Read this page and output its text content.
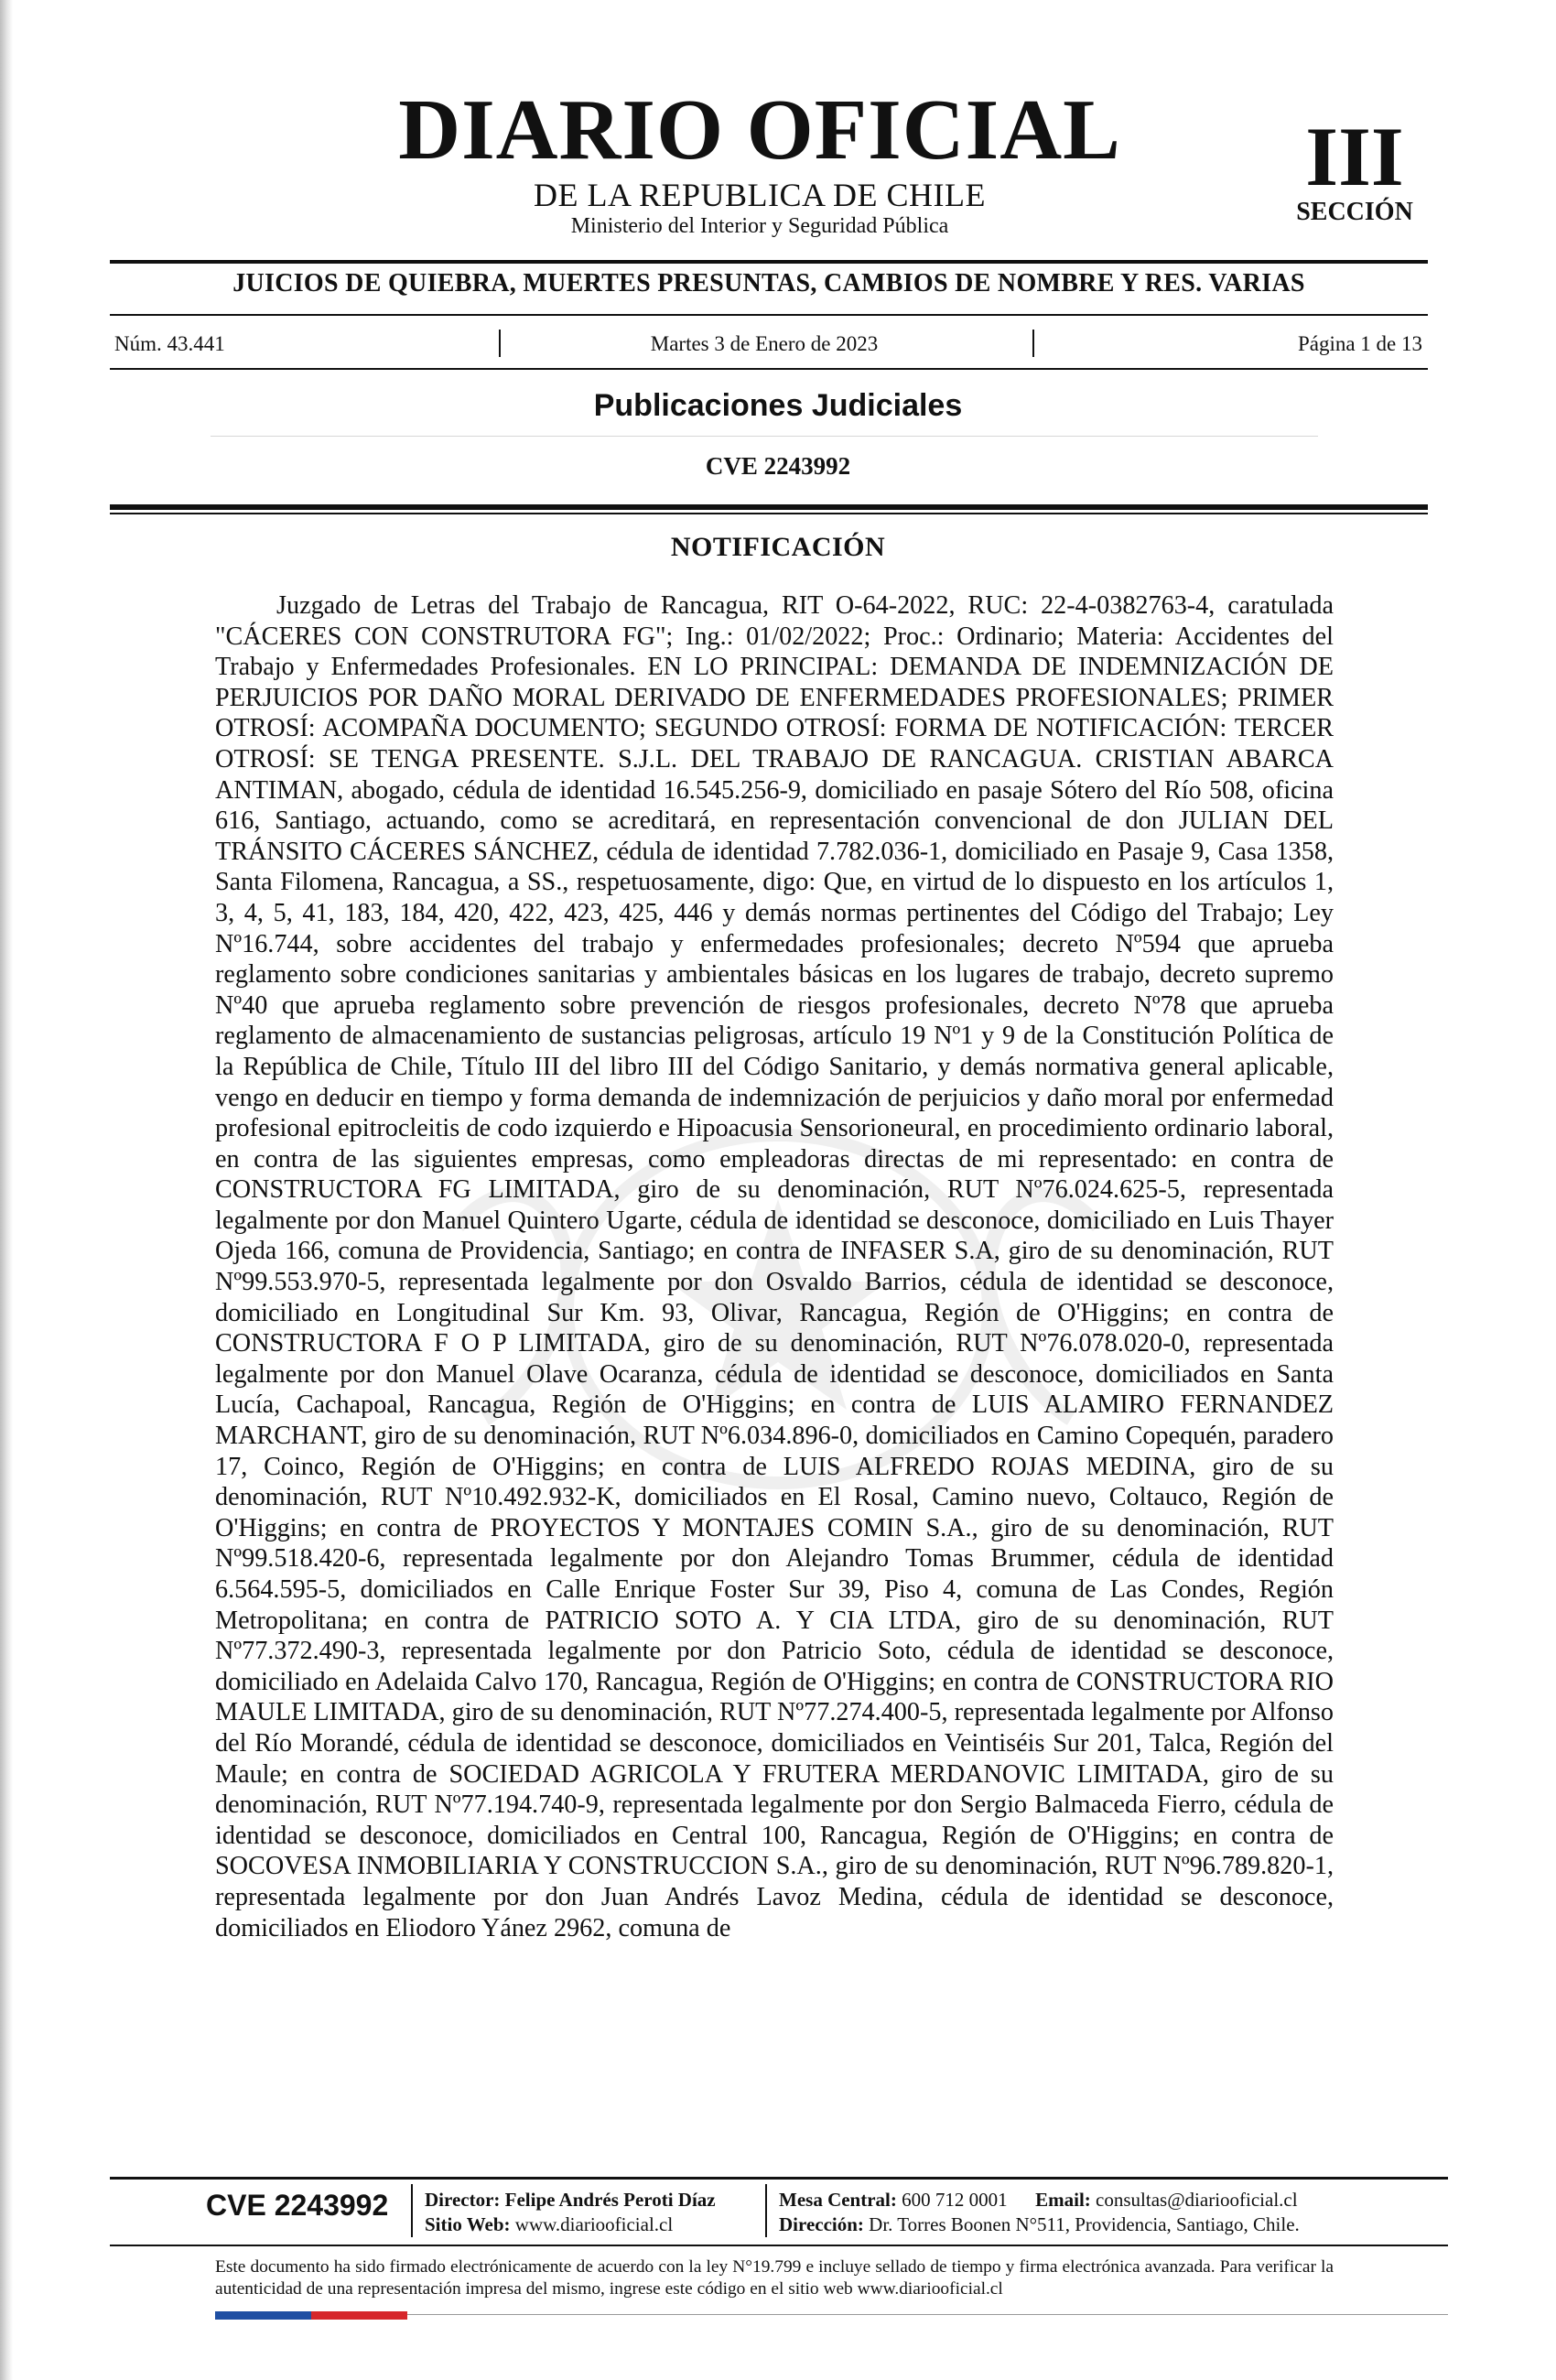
DIARIO OFICIAL
DE LA REPUBLICA DE CHILE
Ministerio del Interior y Seguridad Pública
III
SECCIÓN
JUICIOS DE QUIEBRA, MUERTES PRESUNTAS, CAMBIOS DE NOMBRE Y RES. VARIAS
Núm. 43.441	Martes 3 de Enero de 2023	Página 1 de 13
Publicaciones Judiciales
CVE 2243992
NOTIFICACIÓN
Juzgado de Letras del Trabajo de Rancagua, RIT O-64-2022, RUC: 22-4-0382763-4, caratulada "CÁCERES CON CONSTRUTORA FG"; Ing.: 01/02/2022; Proc.: Ordinario; Materia: Accidentes del Trabajo y Enfermedades Profesionales. EN LO PRINCIPAL: DEMANDA DE INDEMNIZACIÓN DE PERJUICIOS POR DAÑO MORAL DERIVADO DE ENFERMEDADES PROFESIONALES; PRIMER OTROSÍ: ACOMPAÑA DOCUMENTO; SEGUNDO OTROSÍ: FORMA DE NOTIFICACIÓN: TERCER OTROSÍ: SE TENGA PRESENTE. S.J.L. DEL TRABAJO DE RANCAGUA. CRISTIAN ABARCA ANTIMAN, abogado, cédula de identidad 16.545.256-9, domiciliado en pasaje Sótero del Río 508, oficina 616, Santiago, actuando, como se acreditará, en representación convencional de don JULIAN DEL TRÁNSITO CÁCERES SÁNCHEZ, cédula de identidad 7.782.036-1, domiciliado en Pasaje 9, Casa 1358, Santa Filomena, Rancagua, a SS., respetuosamente, digo: Que, en virtud de lo dispuesto en los artículos 1, 3, 4, 5, 41, 183, 184, 420, 422, 423, 425, 446 y demás normas pertinentes del Código del Trabajo; Ley Nº16.744, sobre accidentes del trabajo y enfermedades profesionales; decreto Nº594 que aprueba reglamento sobre condiciones sanitarias y ambientales básicas en los lugares de trabajo, decreto supremo Nº40 que aprueba reglamento sobre prevención de riesgos profesionales, decreto Nº78 que aprueba reglamento de almacenamiento de sustancias peligrosas, artículo 19 Nº1 y 9 de la Constitución Política de la República de Chile, Título III del libro III del Código Sanitario, y demás normativa general aplicable, vengo en deducir en tiempo y forma demanda de indemnización de perjuicios y daño moral por enfermedad profesional epitrocleitis de codo izquierdo e Hipoacusia Sensorioneural, en procedimiento ordinario laboral, en contra de las siguientes empresas, como empleadoras directas de mi representado: en contra de CONSTRUCTORA FG LIMITADA, giro de su denominación, RUT Nº76.024.625-5, representada legalmente por don Manuel Quintero Ugarte, cédula de identidad se desconoce, domiciliado en Luis Thayer Ojeda 166, comuna de Providencia, Santiago; en contra de INFASER S.A, giro de su denominación, RUT Nº99.553.970-5, representada legalmente por don Osvaldo Barrios, cédula de identidad se desconoce, domiciliado en Longitudinal Sur Km. 93, Olivar, Rancagua, Región de O'Higgins; en contra de CONSTRUCTORA F O P LIMITADA, giro de su denominación, RUT Nº76.078.020-0, representada legalmente por don Manuel Olave Ocaranza, cédula de identidad se desconoce, domiciliados en Santa Lucía, Cachapoal, Rancagua, Región de O'Higgins; en contra de LUIS ALAMIRO FERNANDEZ MARCHANT, giro de su denominación, RUT Nº6.034.896-0, domiciliados en Camino Copequén, paradero 17, Coinco, Región de O'Higgins; en contra de LUIS ALFREDO ROJAS MEDINA, giro de su denominación, RUT Nº10.492.932-K, domiciliados en El Rosal, Camino nuevo, Coltauco, Región de O'Higgins; en contra de PROYECTOS Y MONTAJES COMIN S.A., giro de su denominación, RUT Nº99.518.420-6, representada legalmente por don Alejandro Tomas Brummer, cédula de identidad 6.564.595-5, domiciliados en Calle Enrique Foster Sur 39, Piso 4, comuna de Las Condes, Región Metropolitana; en contra de PATRICIO SOTO A. Y CIA LTDA, giro de su denominación, RUT Nº77.372.490-3, representada legalmente por don Patricio Soto, cédula de identidad se desconoce, domiciliado en Adelaida Calvo 170, Rancagua, Región de O'Higgins; en contra de CONSTRUCTORA RIO MAULE LIMITADA, giro de su denominación, RUT Nº77.274.400-5, representada legalmente por Alfonso del Río Morandé, cédula de identidad se desconoce, domiciliados en Veintiséis Sur 201, Talca, Región del Maule; en contra de SOCIEDAD AGRICOLA Y FRUTERA MERDANOVIC LIMITADA, giro de su denominación, RUT Nº77.194.740-9, representada legalmente por don Sergio Balmaceda Fierro, cédula de identidad se desconoce, domiciliados en Central 100, Rancagua, Región de O'Higgins; en contra de SOCOVESA INMOBILIARIA Y CONSTRUCCION S.A., giro de su denominación, RUT Nº96.789.820-1, representada legalmente por don Juan Andrés Lavoz Medina, cédula de identidad se desconoce, domiciliados en Eliodoro Yánez 2962, comuna de
CVE 2243992 Director: Felipe Andrés Peroti Díaz
Sitio Web: www.diariooficial.cl
Mesa Central: 600 712 0001 Email: consultas@diariooficial.cl
Dirección: Dr. Torres Boonen N°511, Providencia, Santiago, Chile.
Este documento ha sido firmado electrónicamente de acuerdo con la ley N°19.799 e incluye sellado de tiempo y firma electrónica avanzada. Para verificar la autenticidad de una representación impresa del mismo, ingrese este código en el sitio web www.diariooficial.cl
